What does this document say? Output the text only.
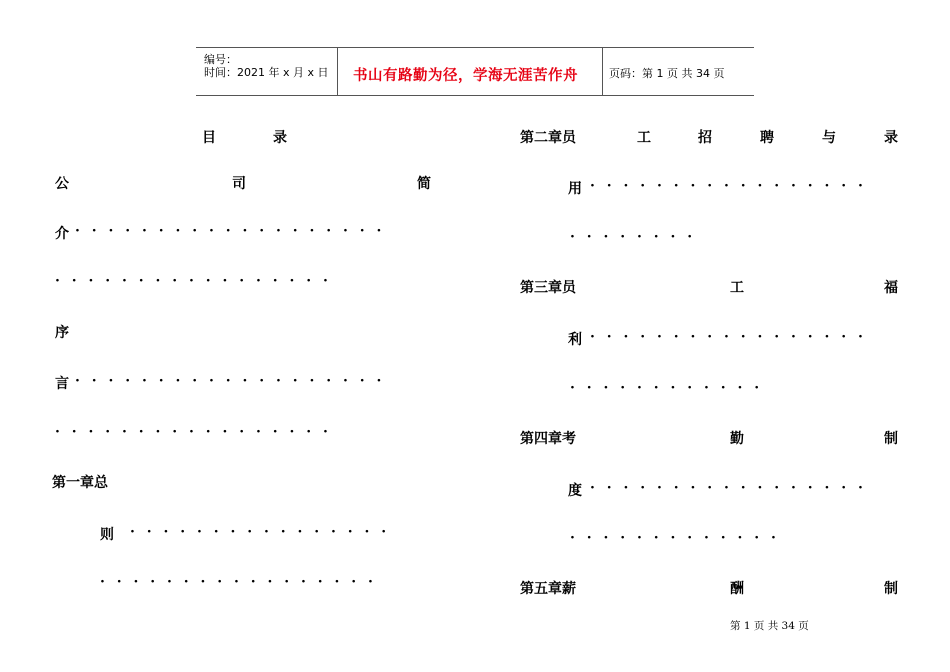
编号：
时间：2021 年 x 月 x 日 书山有路勤为径，学海无涯苦作舟	页码：第 1 页 共 34 页
目	录
公	司	简
介 ·  ·  ·  ·  ·  ·  ·  ·  ·  ·  ·  ·  ·  ·  ·  ·  ·  ·  ·
·  ·  ·  ·  ·  ·  ·  ·  ·  ·  ·  ·  ·  ·  ·  ·  ·
序
言 ·  ·  ·  ·  ·  ·  ·  ·  ·  ·  ·  ·  ·  ·  ·  ·  ·  ·  ·
·  ·  ·  ·  ·  ·  ·  ·  ·  ·  ·  ·  ·  ·  ·  ·  ·
第一章总
则 ·  ·  ·  ·  ·  ·  ·  ·  ·  ·  ·  ·  ·  ·  ·  ·
·  ·  ·  ·  ·  ·  ·  ·  ·  ·  ·  ·  ·  ·  ·  ·  ·
第二章员	工	招	聘	与	录
用 ·  ·  ·  ·  ·  ·  ·  ·  ·  ·  ·  ·  ·  ·  ·  ·  ·
·  ·  ·  ·  ·  ·  ·  ·
第三章员	工	福
利 ·  ·  ·  ·  ·  ·  ·  ·  ·  ·  ·  ·  ·  ·  ·  ·  ·
·  ·  ·  ·  ·  ·  ·  ·  ·  ·  ·  ·
第四章考	勤	制
度 ·  ·  ·  ·  ·  ·  ·  ·  ·  ·  ·  ·  ·  ·  ·  ·  ·
·  ·  ·  ·  ·  ·  ·  ·  ·  ·  ·  ·  ·
第五章薪	酬	制
第 1 页 共 34 页
